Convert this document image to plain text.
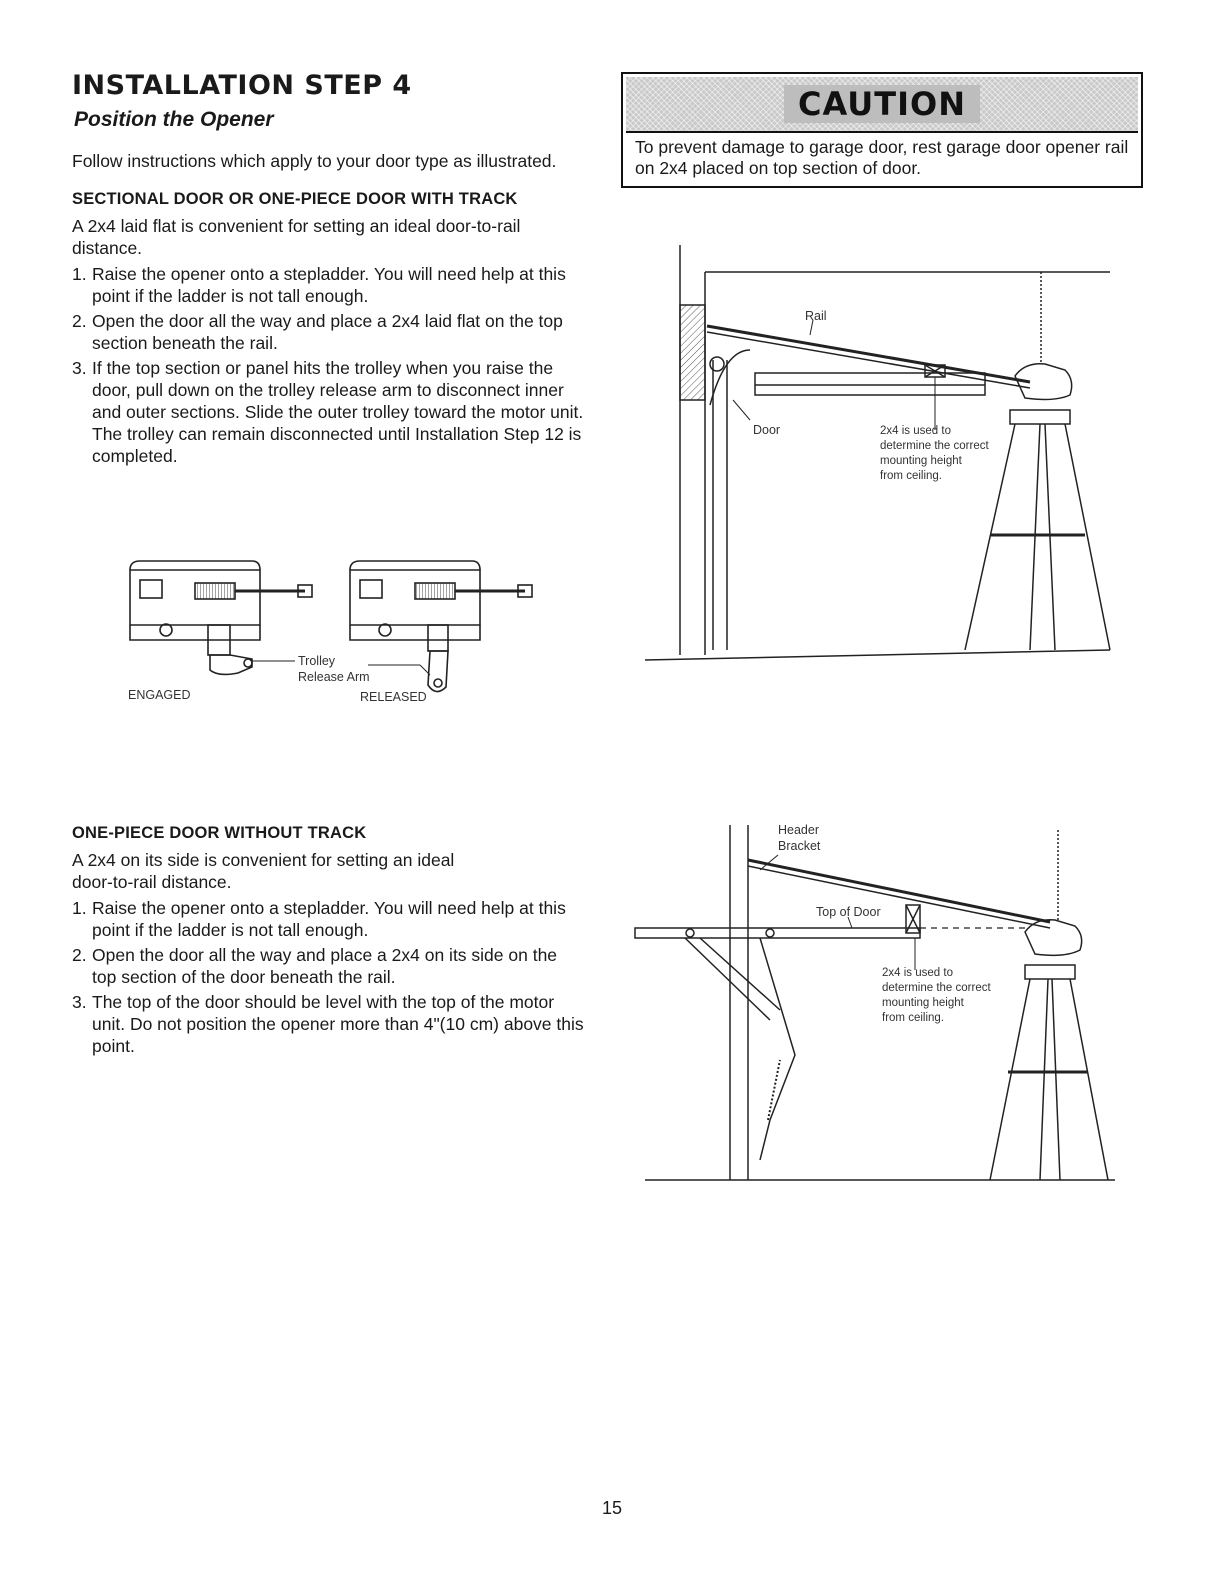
INSTALLATION STEP 4
Position the Opener

Follow instructions which apply to your door type as illustrated.

CAUTION

To prevent damage to garage door, rest garage door opener rail on 2x4 placed on top section of door.

SECTIONAL DOOR OR ONE-PIECE DOOR WITH TRACK

A 2x4 laid flat is convenient for setting an ideal door-to-rail distance.

1. Raise the opener onto a stepladder. You will need help at this point if the ladder is not tall enough.
2. Open the door all the way and place a 2x4 laid flat on the top section beneath the rail.
3. If the top section or panel hits the trolley when you raise the door, pull down on the trolley release arm to disconnect inner and outer sections. Slide the outer trolley toward the motor unit. The trolley can remain disconnected until Installation Step 12 is completed.
Trolley
Release Arm
ENGAGED	RELEASED
Rail
Door	2x4 is used to
determine the correct
mounting height
from ceiling.

ONE-PIECE DOOR WITHOUT TRACK

A 2x4 on its side is convenient for setting an ideal door-to-rail distance.

1. Raise the opener onto a stepladder. You will need help at this point if the ladder is not tall enough.
2. Open the door all the way and place a 2x4 on its side on the top section of the door beneath the rail.
3. The top of the door should be level with the top of the motor unit. Do not position the opener more than 4"(10 cm) above this point.
Header
Bracket
Top of Door
2x4 is used to
determine the correct
mounting height
from ceiling.

15
